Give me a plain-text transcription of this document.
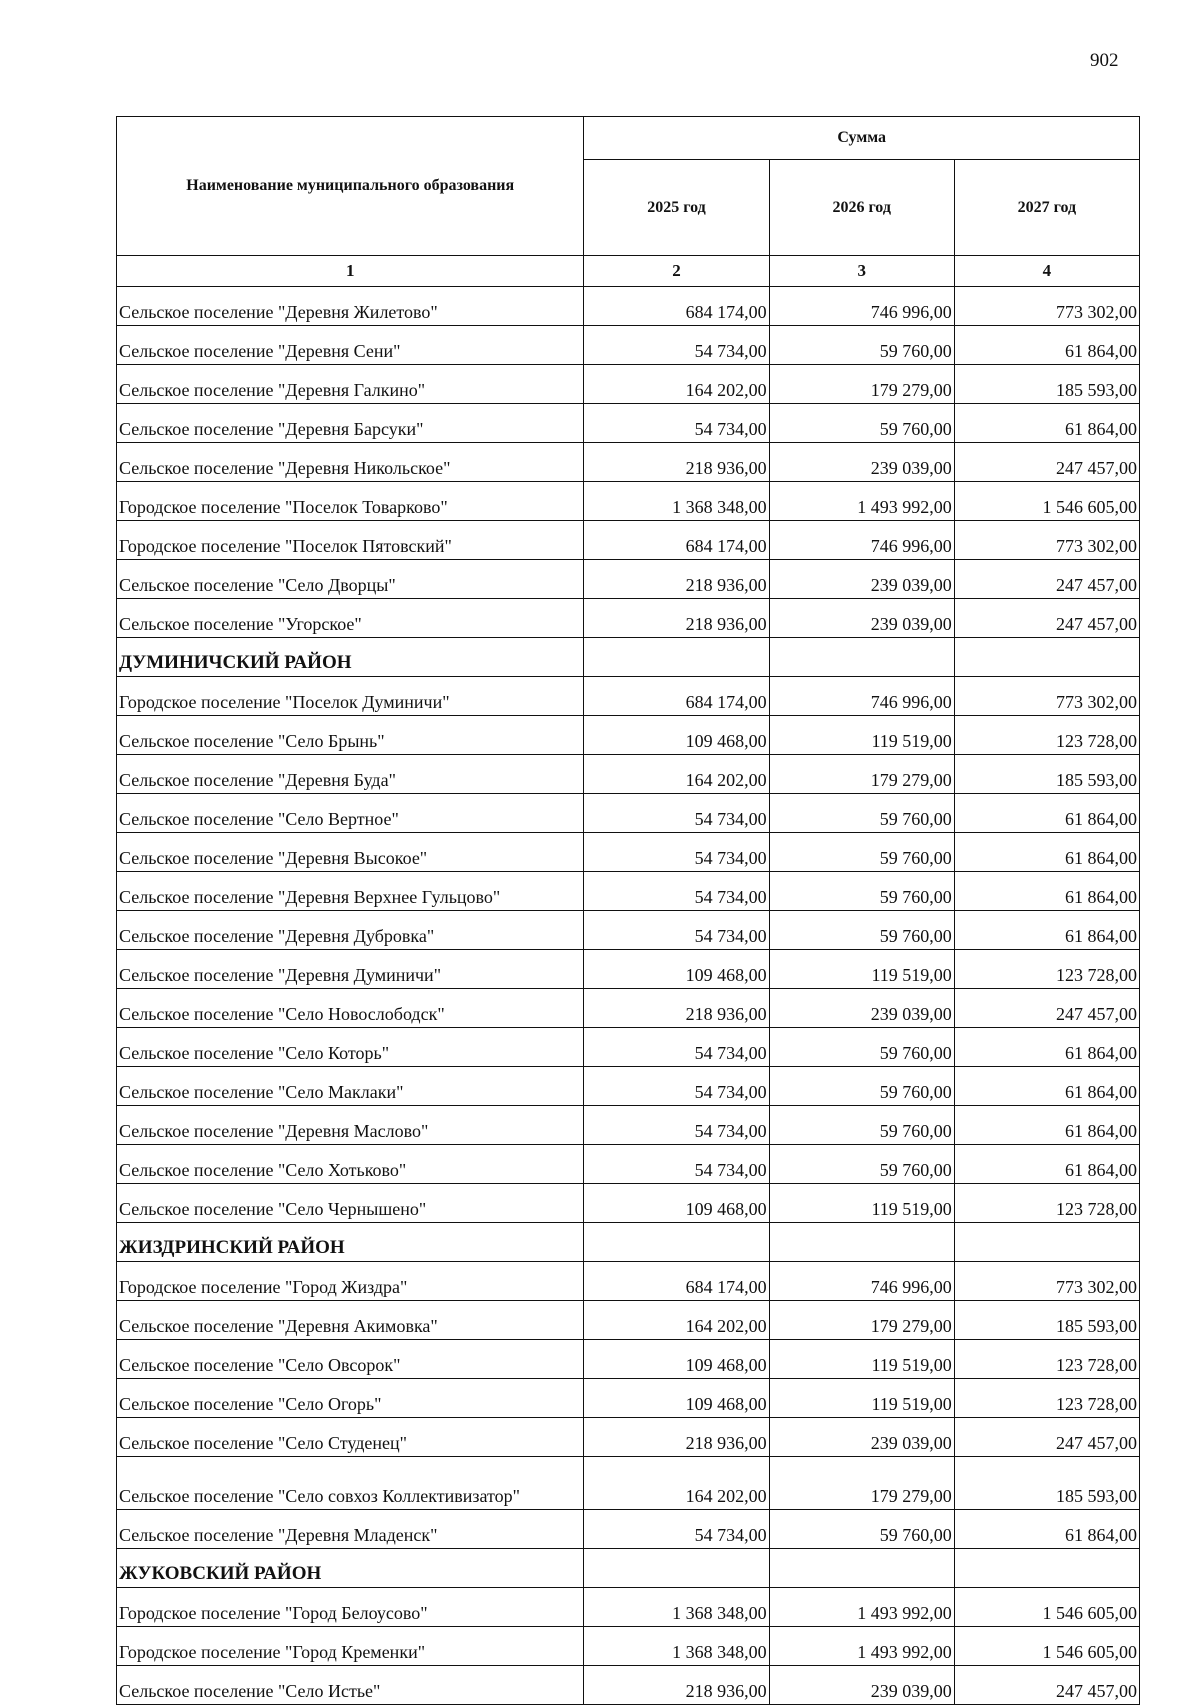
902
Наименование муниципального образования	Сумма		
	2025 год	2026 год	2027 год
1	2	3	4
Сельское поселение "Деревня Жилетово"	684 174,00	746 996,00	773 302,00
Сельское поселение "Деревня Сени"	54 734,00	59 760,00	61 864,00
Сельское поселение "Деревня Галкино"	164 202,00	179 279,00	185 593,00
Сельское поселение "Деревня Барсуки"	54 734,00	59 760,00	61 864,00
Сельское поселение "Деревня Никольское"	218 936,00	239 039,00	247 457,00
Городское поселение "Поселок Товарково"	1 368 348,00	1 493 992,00	1 546 605,00
Городское поселение "Поселок Пятовский"	684 174,00	746 996,00	773 302,00
Сельское поселение "Село Дворцы"	218 936,00	239 039,00	247 457,00
Сельское поселение "Угорское"	218 936,00	239 039,00	247 457,00
ДУМИНИЧСКИЙ РАЙОН			
Городское поселение "Поселок Думиничи"	684 174,00	746 996,00	773 302,00
Сельское поселение "Село Брынь"	109 468,00	119 519,00	123 728,00
Сельское поселение "Деревня Буда"	164 202,00	179 279,00	185 593,00
Сельское поселение "Село Вертное"	54 734,00	59 760,00	61 864,00
Сельское поселение "Деревня Высокое"	54 734,00	59 760,00	61 864,00
Сельское поселение "Деревня Верхнее Гульцово"	54 734,00	59 760,00	61 864,00
Сельское поселение "Деревня Дубровка"	54 734,00	59 760,00	61 864,00
Сельское поселение "Деревня Думиничи"	109 468,00	119 519,00	123 728,00
Сельское поселение "Село Новослободск"	218 936,00	239 039,00	247 457,00
Сельское поселение "Село Которь"	54 734,00	59 760,00	61 864,00
Сельское поселение "Село Маклаки"	54 734,00	59 760,00	61 864,00
Сельское поселение "Деревня Маслово"	54 734,00	59 760,00	61 864,00
Сельское поселение "Село Хотьково"	54 734,00	59 760,00	61 864,00
Сельское поселение "Село Чернышено"	109 468,00	119 519,00	123 728,00
ЖИЗДРИНСКИЙ РАЙОН			
Городское поселение "Город Жиздра"	684 174,00	746 996,00	773 302,00
Сельское поселение "Деревня Акимовка"	164 202,00	179 279,00	185 593,00
Сельское поселение "Село Овсорок"	109 468,00	119 519,00	123 728,00
Сельское поселение "Село Огорь"	109 468,00	119 519,00	123 728,00
Сельское поселение "Село Студенец"	218 936,00	239 039,00	247 457,00
Сельское поселение "Село совхоз Коллективизатор"	164 202,00	179 279,00	185 593,00
Сельское поселение "Деревня Младенск"	54 734,00	59 760,00	61 864,00
ЖУКОВСКИЙ РАЙОН			
Городское поселение "Город Белоусово"	1 368 348,00	1 493 992,00	1 546 605,00
Городское поселение "Город Кременки"	1 368 348,00	1 493 992,00	1 546 605,00
Сельское поселение "Село Истье"	218 936,00	239 039,00	247 457,00
